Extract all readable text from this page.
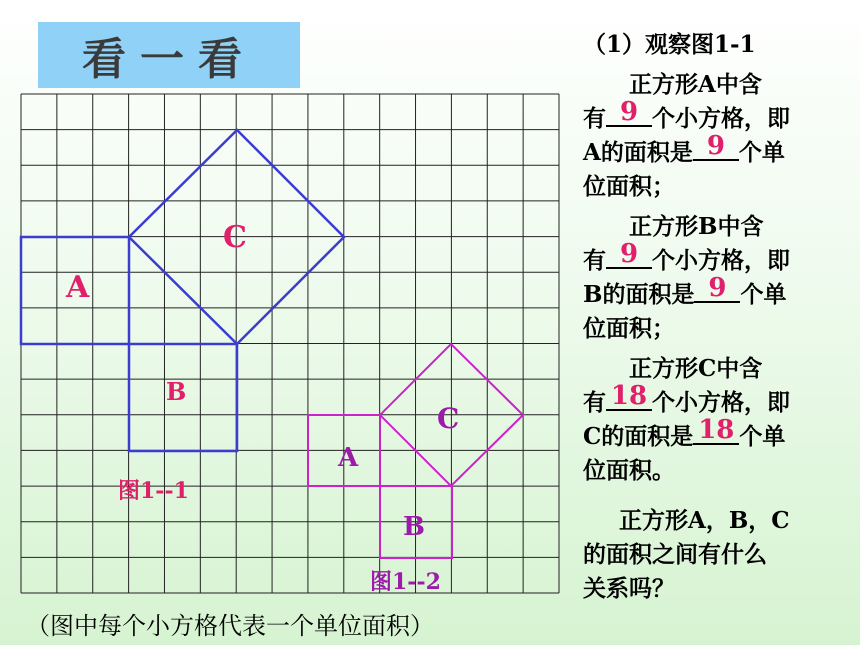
看一看
A
B
C
A
B
C
图1--1
图1--2

（1）观察图1-1

正方形A中含

有 9 个小方格，即

A的面积是 9 个单

位面积；

正方形B中含

有 9 个小方格，即

B的面积是 9 个单

位面积；

正方形C中含

有 18 个小方格，即

C的面积是 18 个单

位面积。

正方形A，B，C

的面积之间有什么

关系吗？

（图中每个小方格代表一个单位面积）
